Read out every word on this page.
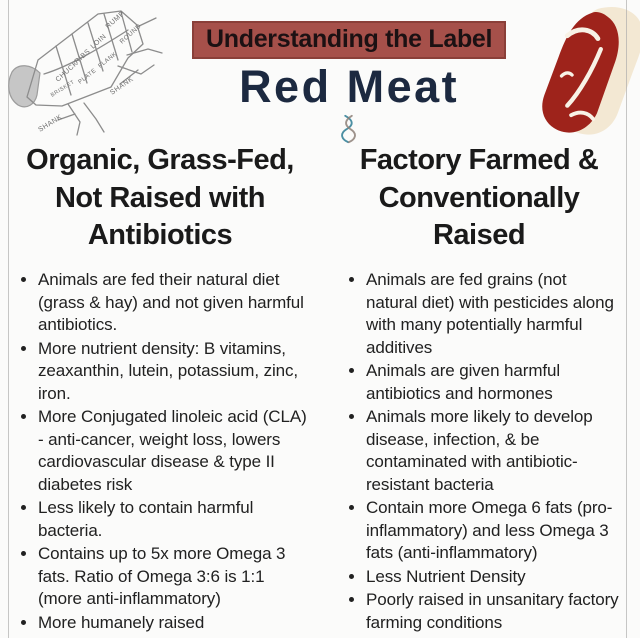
CHUCK
RIBS
LOIN
RUMP
ROUND
BRISKET
PLATE
FLANK
SHANK
SHANK
Understanding the Label
Red Meat
Organic, Grass-Fed, Not Raised with Antibiotics
• Animals are fed their natural diet (grass & hay) and not given harmful antibiotics.
• More nutrient density: B vitamins, zeaxanthin, lutein, potassium, zinc, iron.
• More Conjugated linoleic acid (CLA) - anti-cancer, weight loss, lowers cardiovascular disease & type II diabetes risk
• Less likely to contain harmful bacteria.
• Contains up to 5x more Omega 3 fats. Ratio of Omega 3:6 is 1:1 (more anti-inflammatory)
• More humanely raised
Factory Farmed & Conventionally Raised
• Animals are fed grains (not natural diet) with pesticides along with many potentially harmful additives
• Animals are given harmful antibiotics and hormones
• Animals more likely to develop disease, infection, & be contaminated with antibiotic-resistant bacteria
• Contain more Omega 6 fats (pro-inflammatory) and less Omega 3 fats (anti-inflammatory)
• Less Nutrient Density
• Poorly raised in unsanitary factory farming conditions
